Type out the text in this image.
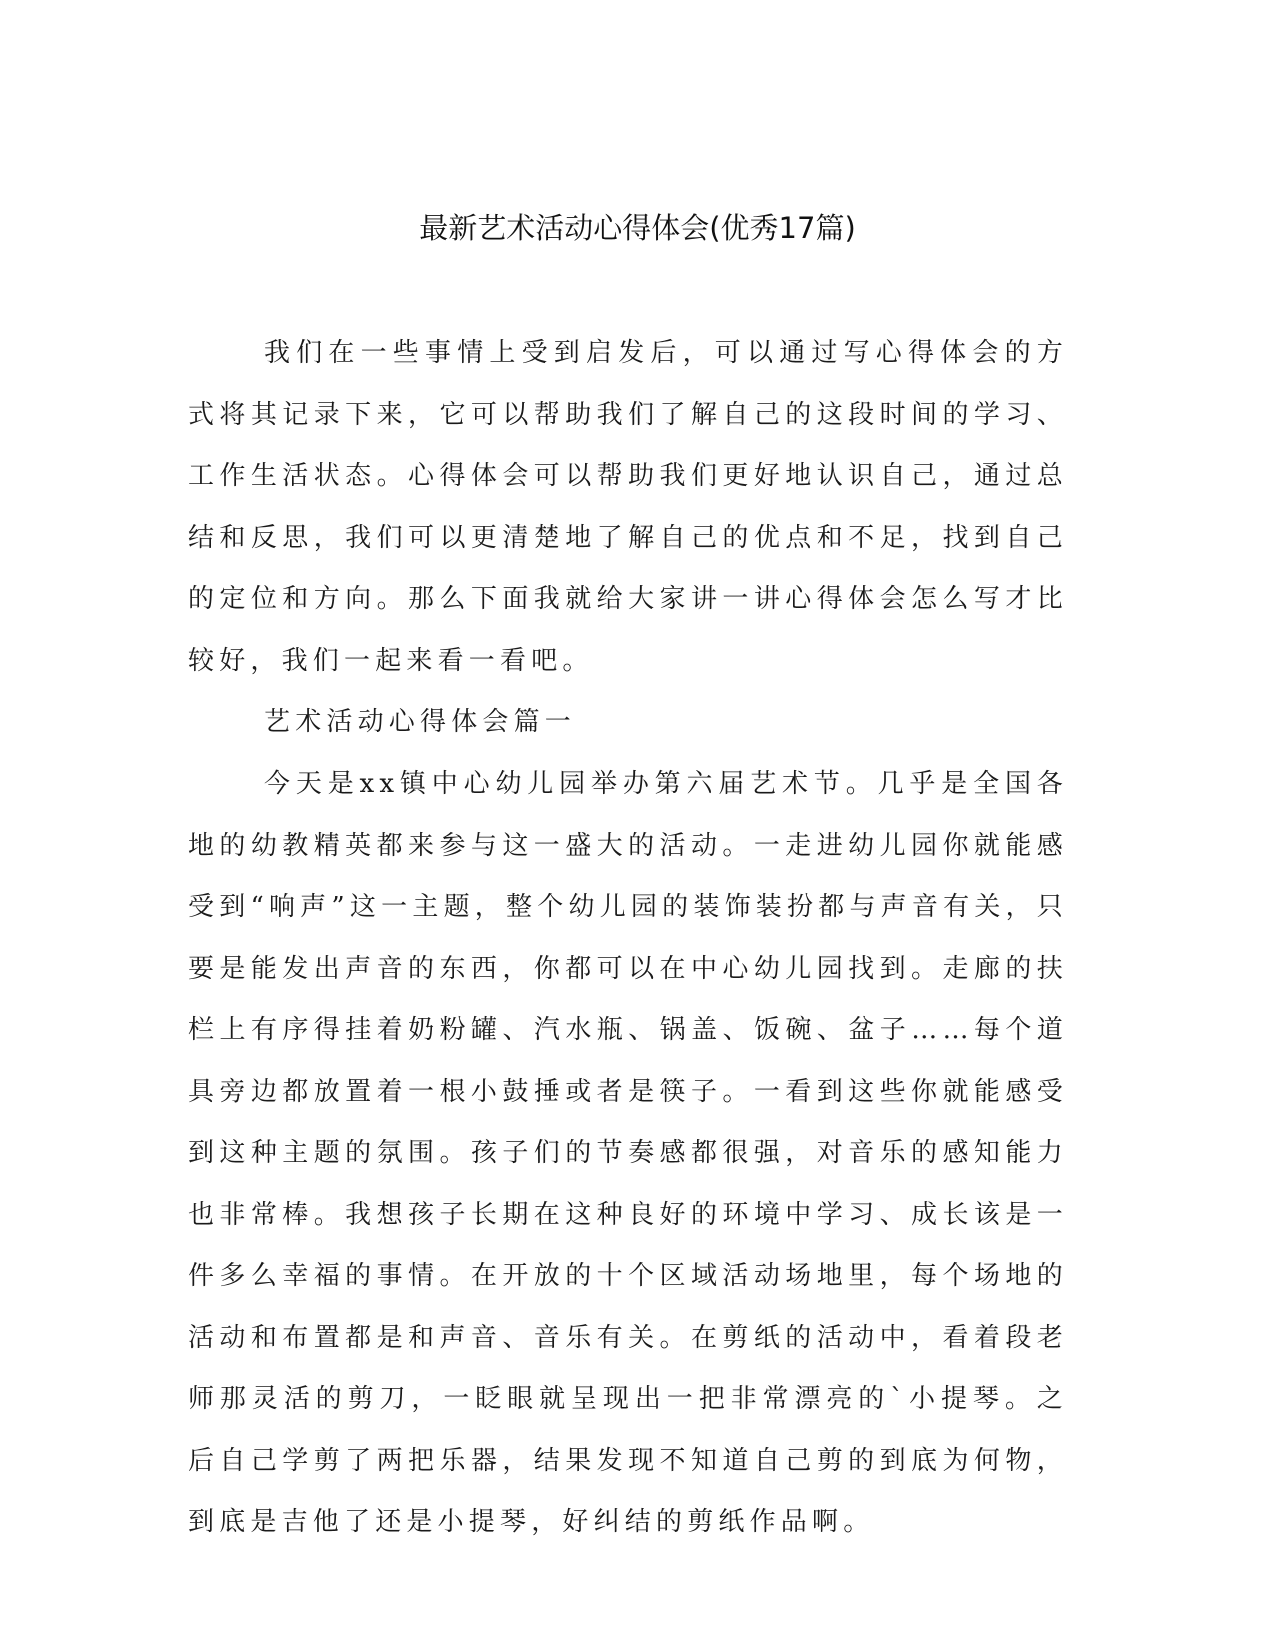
最新艺术活动心得体会(优秀17篇)

我们在一些事情上受到启发后，可以通过写心得体会的方式将其记录下来，它可以帮助我们了解自己的这段时间的学习、工作生活状态。心得体会可以帮助我们更好地认识自己，通过总结和反思，我们可以更清楚地了解自己的优点和不足，找到自己的定位和方向。那么下面我就给大家讲一讲心得体会怎么写才比较好，我们一起来看一看吧。

艺术活动心得体会篇一

今天是xx镇中心幼儿园举办第六届艺术节。几乎是全国各地的幼教精英都来参与这一盛大的活动。一走进幼儿园你就能感受到“响声”这一主题，整个幼儿园的装饰装扮都与声音有关，只要是能发出声音的东西，你都可以在中心幼儿园找到。走廊的扶栏上有序得挂着奶粉罐、汽水瓶、锅盖、饭碗、盆子……每个道具旁边都放置着一根小鼓捶或者是筷子。一看到这些你就能感受到这种主题的氛围。孩子们的节奏感都很强，对音乐的感知能力也非常棒。我想孩子长期在这种良好的环境中学习、成长该是一件多么幸福的事情。在开放的十个区域活动场地里，每个场地的活动和布置都是和声音、音乐有关。在剪纸的活动中，看着段老师那灵活的剪刀，一眨眼就呈现出一把非常漂亮的`小提琴。之后自己学剪了两把乐器，结果发现不知道自己剪的到底为何物，到底是吉他了还是小提琴，好纠结的剪纸作品啊。
